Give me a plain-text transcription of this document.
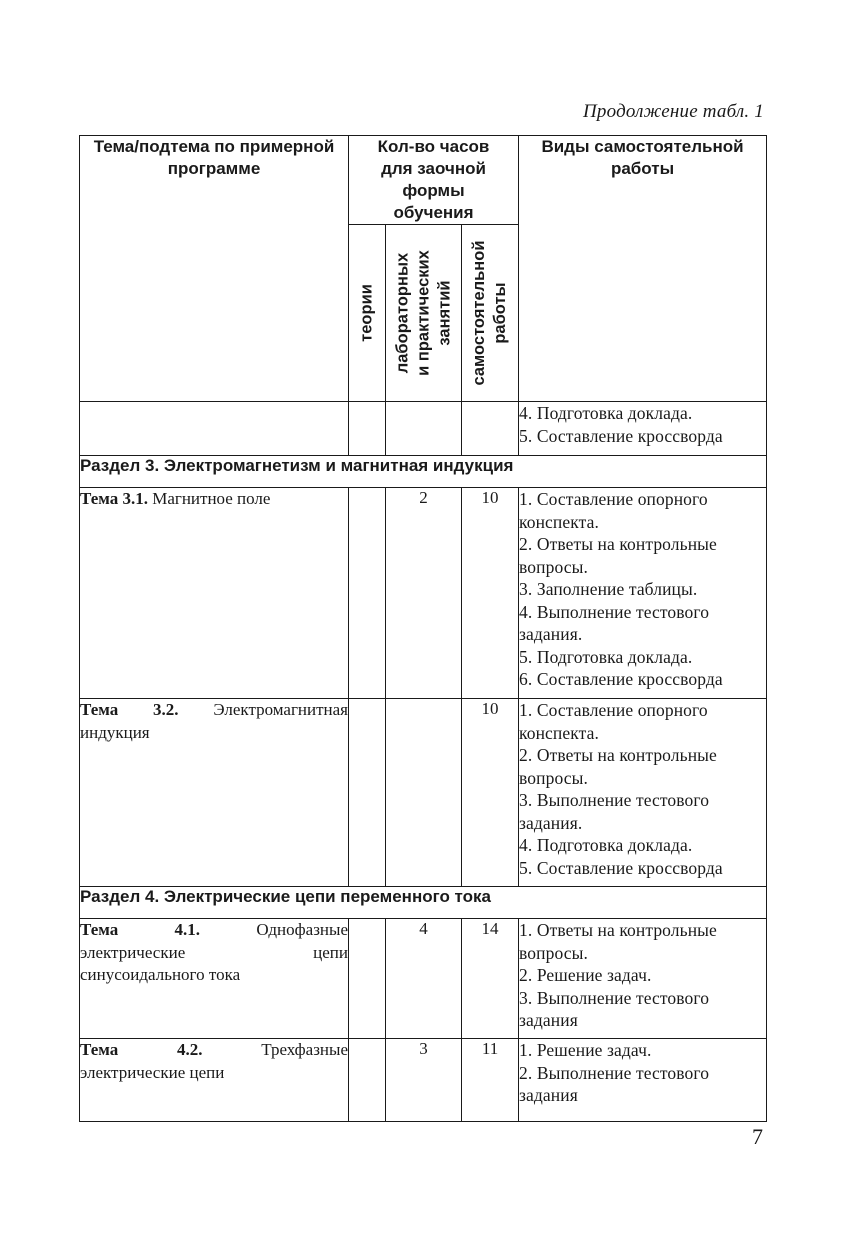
Продолжение табл. 1
Тема/подтема по примерной программе	Кол-во часов для заочной формы обучения			Виды самостоятельной работы

теории	лабораторных и практических занятий	самостоятельной работы

				4. Подготовка доклада.
5. Составление кроссворда

Раздел 3. Электромагнетизм и магнитная индукция				
Тема 3.1. Магнитное поле		2	10	1. Составление опорного
конспекта.
2. Ответы на контрольные
вопросы.
3. Заполнение таблицы.
4. Выполнение тестового
задания.
5. Подготовка доклада.
6. Составление кроссворда

Тема 3.2. Электромагнитная индукция			10	1. Составление опорного
конспекта.
2. Ответы на контрольные
вопросы.
3. Выполнение тестового
задания.
4. Подготовка доклада.
5. Составление кроссворда

Раздел 4. Электрические цепи переменного тока				
Тема 4.1. Однофазные электрические цепи синусоидального тока		4	14	1. Ответы на контрольные
вопросы.
2. Решение задач.
3. Выполнение тестового
задания

Тема 4.2. Трехфазные электрические цепи		3	11	1. Решение задач.
2. Выполнение тестового
задания
7
